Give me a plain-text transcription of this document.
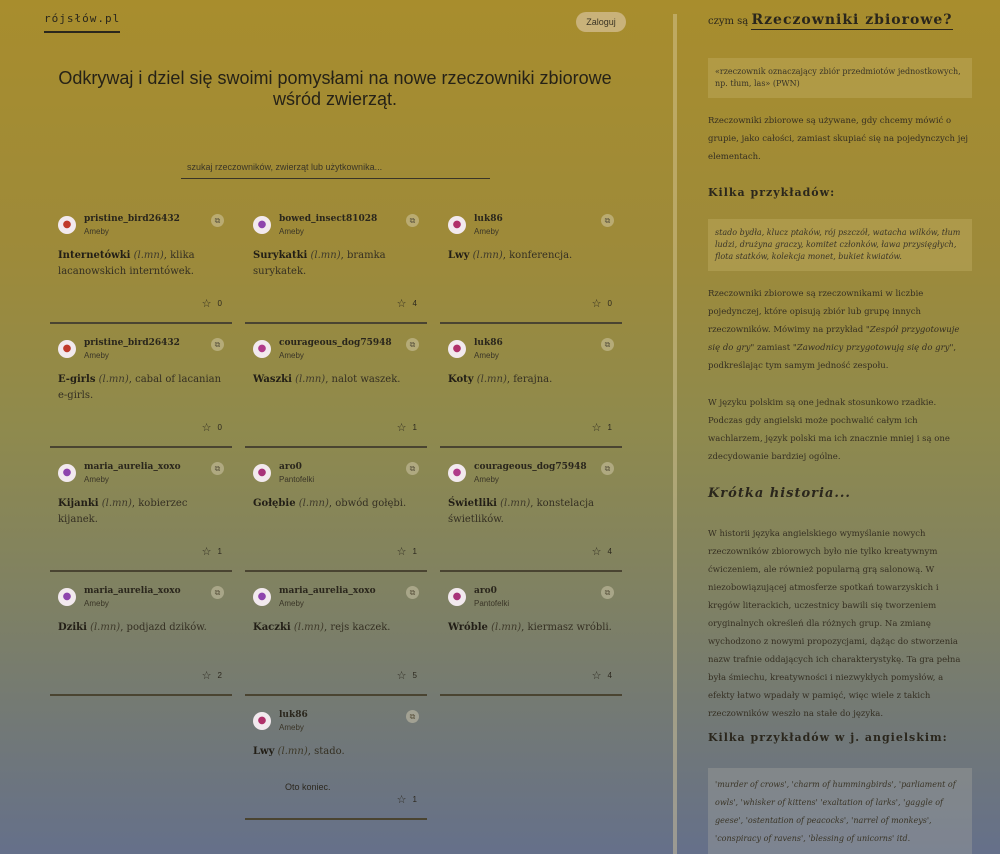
rójsłów.pl	Zaloguj
Odkrywaj i dziel się swoimi pomysłami na nowe rzeczowniki zbiorowe wśród zwierząt.
szukaj rzeczowników, zwierząt lub użytkownika...
●	pristine_bird26432
Ameby
⧉
Internetówki (l.mn), klika lacanowskich interntówek.
☆ 0
●	pristine_bird26432
Ameby
⧉
E-girls (l.mn), cabal of lacanian e-girls.
☆ 0
●	maria_aurelia_xoxo
Ameby
⧉
Kijanki (l.mn), kobierzec kijanek.
☆ 1
●	maria_aurelia_xoxo
Ameby
⧉
Dziki (l.mn), podjazd dzików.
☆ 2
●	bowed_insect81028
Ameby
⧉
Surykatki (l.mn), bramka surykatek.
☆ 4
●	courageous_dog75948
Ameby
⧉
Waszki (l.mn), nalot waszek.
☆ 1
●	aro0
Pantofelki
⧉
Gołębie (l.mn), obwód gołębi.
☆ 1
●	maria_aurelia_xoxo
Ameby
⧉
Kaczki (l.mn), rejs kaczek.
☆ 5
●	luk86
Ameby
⧉
Lwy (l.mn), stado.
☆ 1
●	luk86
Ameby
⧉
Lwy (l.mn), konferencja.
☆ 0
●	luk86
Ameby
⧉
Koty (l.mn), ferajna.
☆ 1
●	courageous_dog75948
Ameby
⧉
Świetliki (l.mn), konstelacja świetlików.
☆ 4
●	aro0
Pantofelki
⧉
Wróble (l.mn), kiermasz wróbli.
☆ 4
Oto koniec.
czym są Rzeczowniki zbiorowe?
«rzeczownik oznaczający zbiór przedmiotów jednostkowych, np. tłum, las» (PWN)
Rzeczowniki zbiorowe są używane, gdy chcemy mówić o grupie, jako całości, zamiast skupiać się na pojedynczych jej elementach.
Kilka przykładów:
stado bydła, klucz ptaków, rój pszczół, watacha wilków, tłum ludzi, drużyna graczy, komitet członków, ława przysięgłych, flota statków, kolekcja monet, bukiet kwiatów.
Rzeczowniki zbiorowe są rzeczownikami w liczbie pojedynczej, które opisują zbiór lub grupę innych rzeczowników. Mówimy na przykład "Zespół przygotowuje się do gry" zamiast "Zawodnicy przygotowują się do gry", podkreślając tym samym jedność zespołu.
W języku polskim są one jednak stosunkowo rzadkie. Podczas gdy angielski może pochwalić całym ich wachlarzem, język polski ma ich znacznie mniej i są one zdecydowanie bardziej ogólne.
Krótka historia...
W historii języka angielskiego wymyślanie nowych rzeczowników zbiorowych było nie tylko kreatywnym ćwiczeniem, ale również popularną grą salonową. W niezobowiązującej atmosferze spotkań towarzyskich i kręgów literackich, uczestnicy bawili się tworzeniem oryginalnych określeń dla różnych grup. Na zmianę wychodzono z nowymi propozycjami, dążąc do stworzenia nazw trafnie oddających ich charakterystykę. Ta gra pełna była śmiechu, kreatywności i niezwykłych pomysłów, a efekty łatwo wpadały w pamięć, więc wiele z takich rzeczowników weszło na stałe do języka.
Kilka przykładów w j. angielskim:
'murder of crows', 'charm of hummingbirds', 'parliament of owls', 'whisker of kittens' 'exaltation of larks', 'gaggle of geese', 'ostentation of peacocks', 'narrel of monkeys', 'conspiracy of ravens', 'blessing of unicorns' itd.
